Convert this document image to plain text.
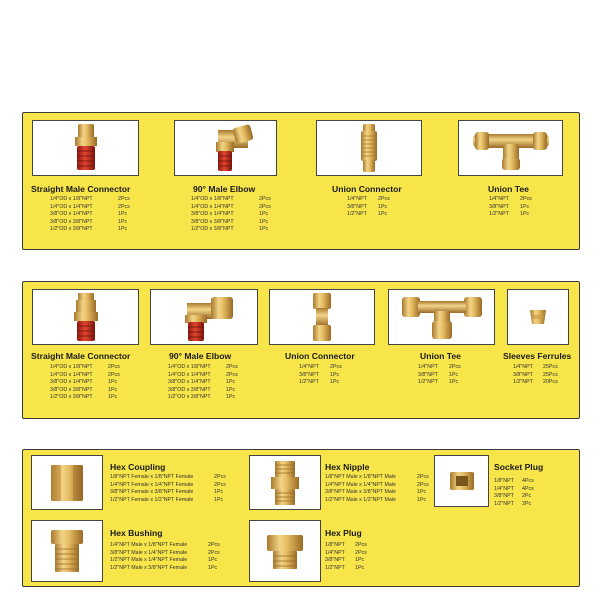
Straight Male Connector
1/4"OD x 1/8"NPT	2Pcs
1/4"OD x 1/4"NPT	2Pcs
3/8"OD x 1/4"NPT	1Pc
3/8"OD x 3/8"NPT	1Pc
1/2"OD x 3/8"NPT	1Pc
90° Male Elbow
1/4"OD x 1/8"NPT	2Pcs
1/4"OD x 1/4"NPT	2Pcs
3/8"OD x 1/4"NPT	1Pc
3/8"OD x 3/8"NPT	1Pc
1/2"OD x 3/8"NPT	1Pc
Union Connector
1/4"NPT 2Pcs
3/8"NPT 1Pc
1/2"NPT 1Pc
Union Tee
1/4"NPT 2Pcs
3/8"NPT 1Pc
1/2"NPT 1Pc
Straight Male Connector
1/4"OD x 1/8"NPT	2Pcs
1/4"OD x 1/4"NPT	2Pcs
3/8"OD x 1/4"NPT	1Pc
3/8"OD x 3/8"NPT	1Pc
1/2"OD x 3/8"NPT	1Pc
90° Male Elbow
1/4"OD x 1/8"NPT	2Pcs
1/4"OD x 1/4"NPT	2Pcs
3/8"OD x 1/4"NPT	1Pc
3/8"OD x 3/8"NPT	1Pc
1/2"OD x 3/8"NPT	1Pc
Union Connector
1/4"NPT 2Pcs
3/8"NPT 1Pc
1/2"NPT 1Pc
Union Tee
1/4"NPT 2Pcs
3/8"NPT 1Pc
1/2"NPT 1Pc
Sleeves Ferrules
1/4"NPT 25Pcs
3/8"NPT 25Pcs
1/2"NPT 20Pcs
Hex Coupling
1/8"NPT Female x 1/8"NPT Female	2Pcs
1/4"NPT Female x 1/4"NPT Female	2Pcs
3/8"NPT Female x 3/8"NPT Female	1Pc
1/2"NPT Female x 1/2"NPT Female	1Pc
Hex Nipple
1/8"NPT Male x 1/8"NPT Male	2Pcs
1/4"NPT Male x 1/4"NPT Male	2Pcs
3/8"NPT Male x 3/8"NPT Male	1Pc
1/2"NPT Male x 1/2"NPT Male	1Pc
Socket Plug
1/8"NPT 4Pcs
1/4"NPT 4Pcs
3/8"NPT 2Pc
1/2"NPT 2Pc
Hex Bushing
1/4"NPT Male x 1/8"NPT Female	2Pcs
3/8"NPT Male x 1/4"NPT Female	2Pcs
1/2"NPT Male x 1/4"NPT Female	1Pc
1/2"NPT Male x 3/8"NPT Female	1Pc
Hex Plug
1/8"NPT 2Pcs
1/4"NPT 2Pcs
3/8"NPT 1Pc
1/2"NPT 1Pc
